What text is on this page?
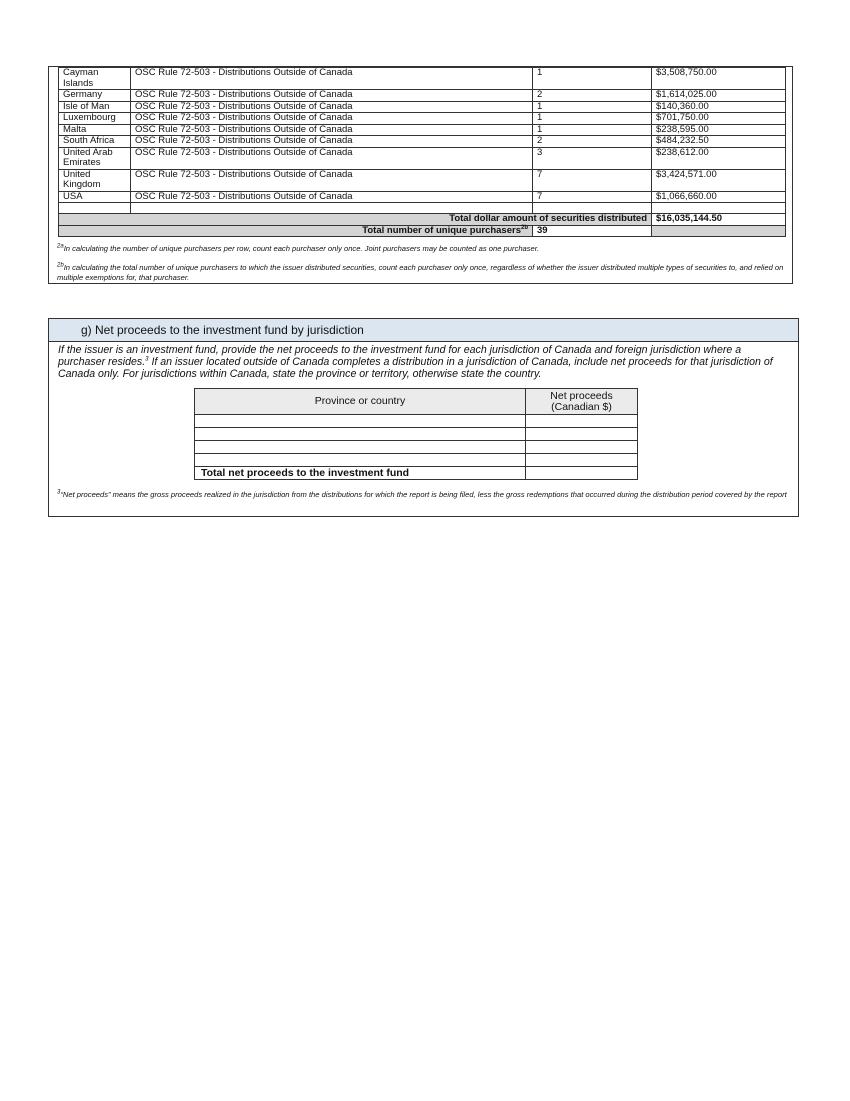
Cayman Islands	OSC Rule 72-503 - Distributions Outside of Canada	1	$3,508,750.00
Germany	OSC Rule 72-503 - Distributions Outside of Canada	2	$1,614,025.00
Isle of Man	OSC Rule 72-503 - Distributions Outside of Canada	1	$140,360.00
Luxembourg	OSC Rule 72-503 - Distributions Outside of Canada	1	$701,750.00
Malta	OSC Rule 72-503 - Distributions Outside of Canada	1	$238,595.00
South Africa	OSC Rule 72-503 - Distributions Outside of Canada	2	$484,232.50
United Arab Emirates	OSC Rule 72-503 - Distributions Outside of Canada	3	$238,612.00
United Kingdom	OSC Rule 72-503 - Distributions Outside of Canada	7	$3,424,571.00
USA	OSC Rule 72-503 - Distributions Outside of Canada	7	$1,066,660.00

Total dollar amount of securities distributed			$16,035,144.50
Total number of unique purchasers$^{2b}$		39	
$^{2a}$In calculating the number of unique purchasers per row, count each purchaser only once. Joint purchasers may be counted as one purchaser.
$^{2b}$In calculating the total number of unique purchasers to which the issuer distributed securities, count each purchaser only once, regardless of whether the issuer distributed multiple types of securities to, and relied on multiple exemptions for, that purchaser.
g) Net proceeds to the investment fund by jurisdiction
If the issuer is an investment fund, provide the net proceeds to the investment fund for each jurisdiction of Canada and foreign jurisdiction where a purchaser resides.$^3$ If an issuer located outside of Canada completes a distribution in a jurisdiction of Canada, include net proceeds for that jurisdiction of Canada only. For jurisdictions within Canada, state the province or territory, otherwise state the country.
Province or country	Net proceeds
(Canadian $)

Total net proceeds to the investment fund	
$^3$“Net proceeds” means the gross proceeds realized in the jurisdiction from the distributions for which the report is being filed, less the gross redemptions that occurred during the distribution period covered by the report
